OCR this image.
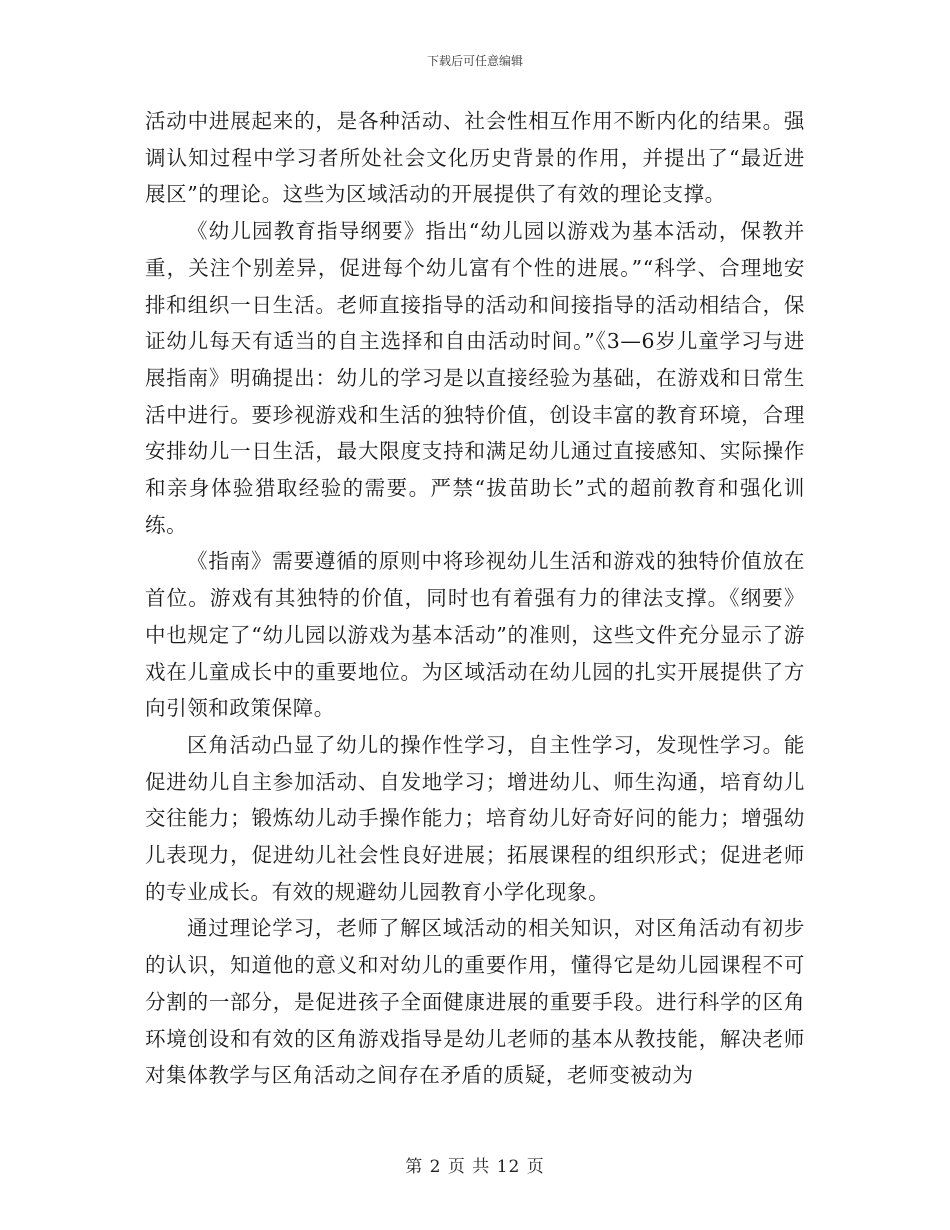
下载后可任意编辑

活动中进展起来的，是各种活动、社会性相互作用不断内化的结果。强调认知过程中学习者所处社会文化历史背景的作用，并提出了“最近进展区”的理论。这些为区域活动的开展提供了有效的理论支撑。

《幼儿园教育指导纲要》指出“幼儿园以游戏为基本活动，保教并重，关注个别差异，促进每个幼儿富有个性的进展。”“科学、合理地安排和组织一日生活。老师直接指导的活动和间接指导的活动相结合，保证幼儿每天有适当的自主选择和自由活动时间。”《3—6岁儿童学习与进展指南》明确提出：幼儿的学习是以直接经验为基础，在游戏和日常生活中进行。要珍视游戏和生活的独特价值，创设丰富的教育环境，合理安排幼儿一日生活，最大限度支持和满足幼儿通过直接感知、实际操作和亲身体验猎取经验的需要。严禁“拔苗助长”式的超前教育和强化训练。

《指南》需要遵循的原则中将珍视幼儿生活和游戏的独特价值放在首位。游戏有其独特的价值，同时也有着强有力的律法支撑。《纲要》中也规定了“幼儿园以游戏为基本活动”的准则，这些文件充分显示了游戏在儿童成长中的重要地位。为区域活动在幼儿园的扎实开展提供了方向引领和政策保障。

区角活动凸显了幼儿的操作性学习，自主性学习，发现性学习。能促进幼儿自主参加活动、自发地学习；增进幼儿、师生沟通，培育幼儿交往能力；锻炼幼儿动手操作能力；培育幼儿好奇好问的能力；增强幼儿表现力，促进幼儿社会性良好进展；拓展课程的组织形式；促进老师的专业成长。有效的规避幼儿园教育小学化现象。

通过理论学习，老师了解区域活动的相关知识，对区角活动有初步的认识，知道他的意义和对幼儿的重要作用，懂得它是幼儿园课程不可分割的一部分，是促进孩子全面健康进展的重要手段。进行科学的区角环境创设和有效的区角游戏指导是幼儿老师的基本从教技能，解决老师对集体教学与区角活动之间存在矛盾的质疑，老师变被动为

第 2 页 共 12 页
